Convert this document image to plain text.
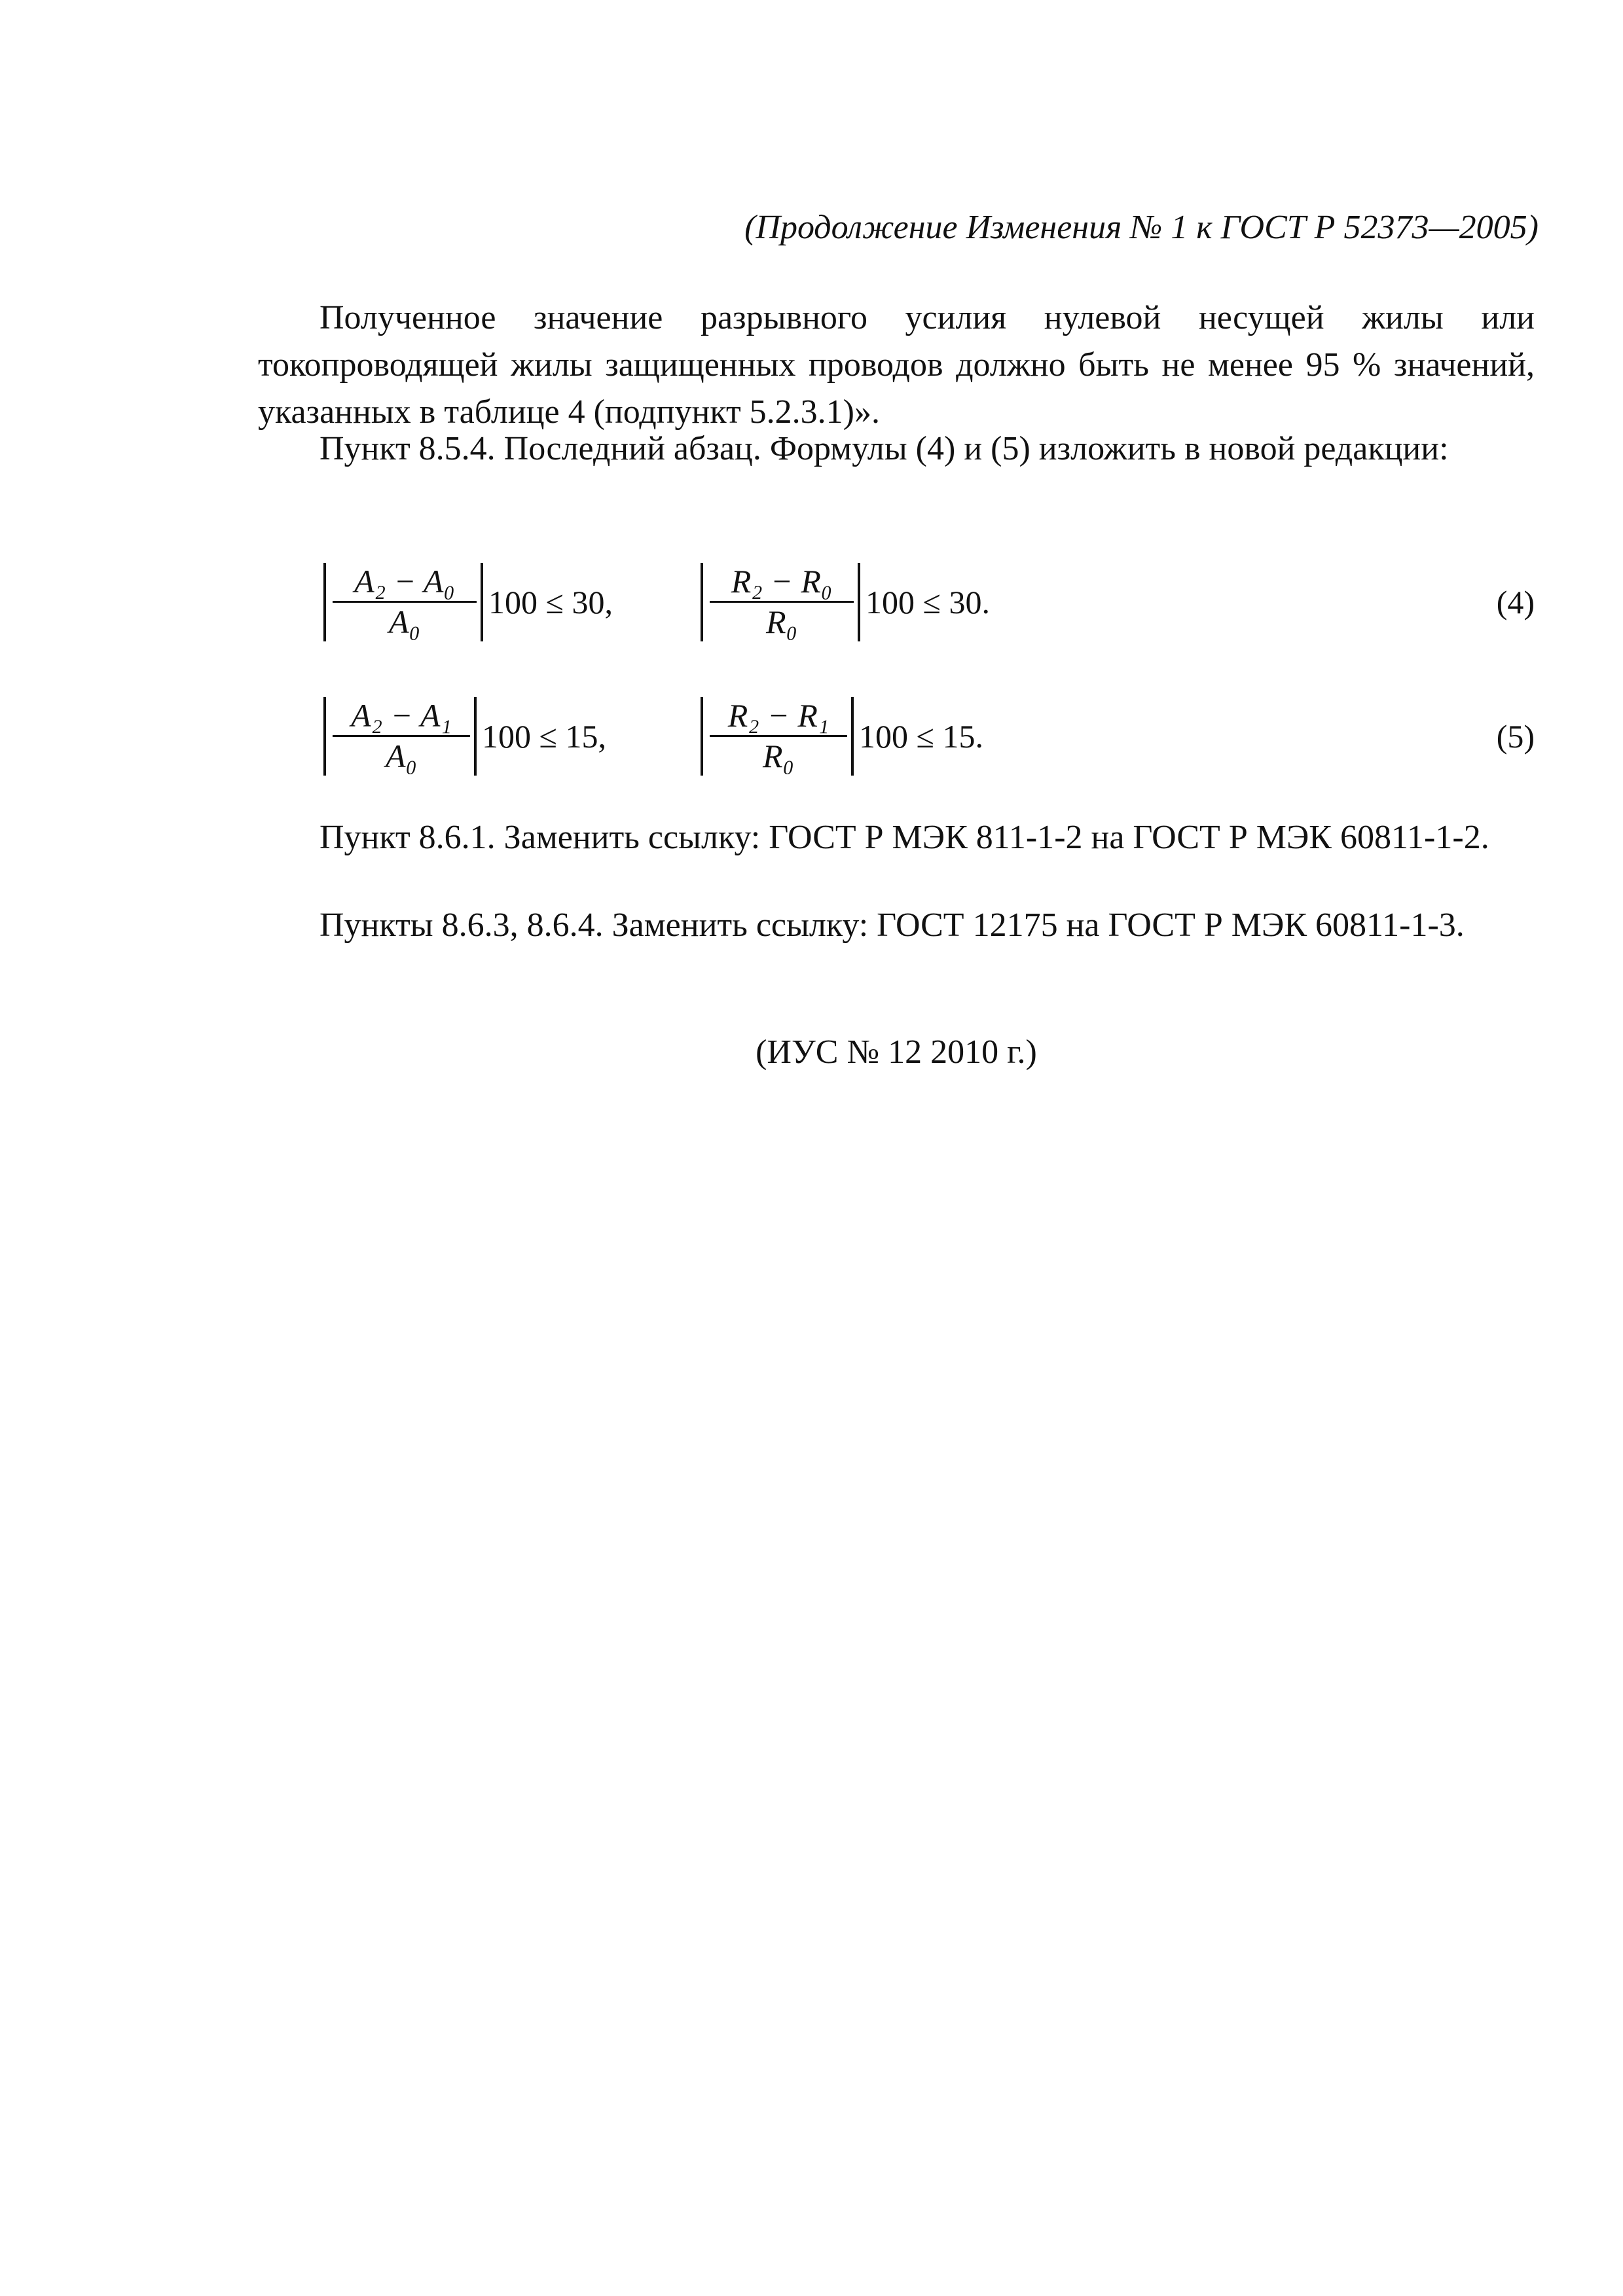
(Продолжение Изменения № 1 к ГОСТ Р 52373—2005)

Полученное значение разрывного усилия нулевой несущей жилы или токопроводящей жилы защищенных проводов должно быть не менее 95 % значений, указанных в таблице 4 (подпункт 5.2.3.1)».

Пункт 8.5.4. Последний абзац. Формулы (4) и (5) изложить в новой редакции:

A₂ − A₀
A₀
100 ≤ 30,
R₂ − R₀
R₀
100 ≤ 30.	(4)
A₂ − A₁
A₀
100 ≤ 15,
R₂ − R₁
R₀
100 ≤ 15.	(5)

Пункт 8.6.1. Заменить ссылку: ГОСТ Р МЭК 811-1-2 на ГОСТ Р МЭК 60811-1-2.

Пункты 8.6.3, 8.6.4. Заменить ссылку: ГОСТ 12175 на ГОСТ Р МЭК 60811-1-3.

(ИУС № 12 2010 г.)
